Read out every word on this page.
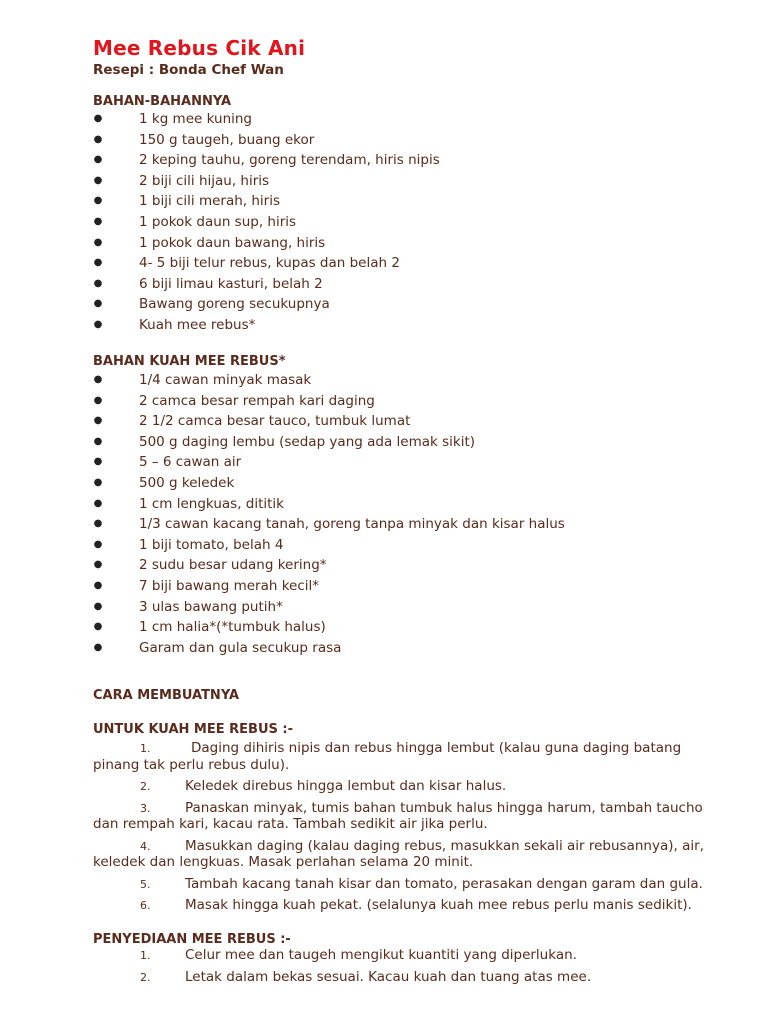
Mee Rebus Cik Ani
Resepi : Bonda Chef Wan
BAHAN-BAHANNYA
●	1 kg mee kuning
●	150 g taugeh, buang ekor
●	2 keping tauhu, goreng terendam, hiris nipis
●	2 biji cili hijau, hiris
●	1 biji cili merah, hiris
●	1 pokok daun sup, hiris
●	1 pokok daun bawang, hiris
●	4- 5 biji telur rebus, kupas dan belah 2
●	6 biji limau kasturi, belah 2
●	Bawang goreng secukupnya
●	Kuah mee rebus*
BAHAN KUAH MEE REBUS*
●	1/4 cawan minyak masak
●	2 camca besar rempah kari daging
●	2 1/2 camca besar tauco, tumbuk lumat
●	500 g daging lembu (sedap yang ada lemak sikit)
●	5 – 6 cawan air
●	500 g keledek
●	1 cm lengkuas, dititik
●	1/3 cawan kacang tanah, goreng tanpa minyak dan kisar halus
●	1 biji tomato, belah 4
●	2 sudu besar udang kering*
●	7 biji bawang merah kecil*
●	3 ulas bawang putih*
●	1 cm halia*(*tumbuk halus)
●	Garam dan gula secukup rasa
CARA MEMBUATNYA
UNTUK KUAH MEE REBUS :-
1.	Daging dihiris nipis dan rebus hingga lembut (kalau guna daging batang pinang tak perlu rebus dulu).
2.	Keledek direbus hingga lembut dan kisar halus.
3.	Panaskan minyak, tumis bahan tumbuk halus hingga harum, tambah taucho dan rempah kari, kacau rata. Tambah sedikit air jika perlu.
4.	Masukkan daging (kalau daging rebus, masukkan sekali air rebusannya), air, keledek dan lengkuas. Masak perlahan selama 20 minit.
5.	Tambah kacang tanah kisar dan tomato, perasakan dengan garam dan gula.
6.	Masak hingga kuah pekat. (selalunya kuah mee rebus perlu manis sedikit).
PENYEDIAAN MEE REBUS :-
1.	Celur mee dan taugeh mengikut kuantiti yang diperlukan.
2.	Letak dalam bekas sesuai. Kacau kuah dan tuang atas mee.
